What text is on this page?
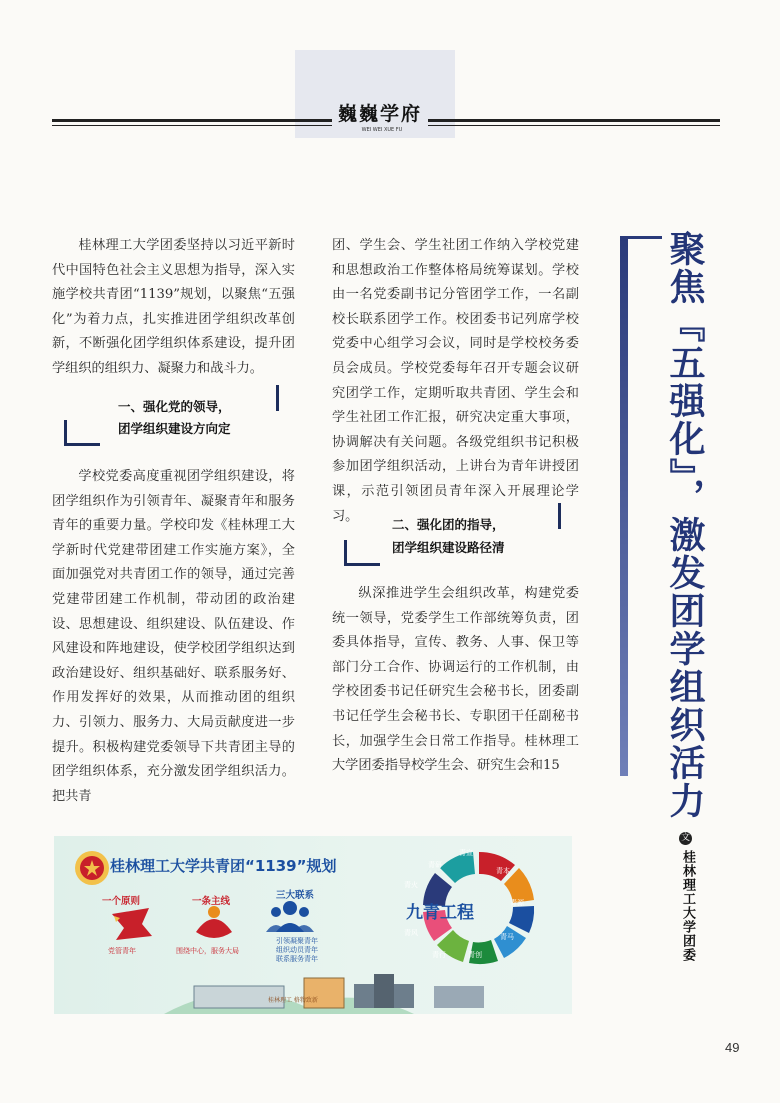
巍巍学府
WEI WEI XUE FU

桂林理工大学团委坚持以习近平新时代中国特色社会主义思想为指导，深入实施学校共青团“1139”规划，以聚焦“五强化”为着力点，扎实推进团学组织改革创新，不断强化团学组织体系建设，提升团学组织的组织力、凝聚力和战斗力。

一、强化党的领导，
团学组织建设方向定

学校党委高度重视团学组织建设，将团学组织作为引领青年、凝聚青年和服务青年的重要力量。学校印发《桂林理工大学新时代党建带团建工作实施方案》，全面加强党对共青团工作的领导，通过完善党建带团建工作机制，带动团的政治建设、思想建设、组织建设、队伍建设、作风建设和阵地建设，使学校团学组织达到政治建设好、组织基础好、联系服务好、作用发挥好的效果，从而推动团的组织力、引领力、服务力、大局贡献度进一步提升。积极构建党委领导下共青团主导的团学组织体系，充分激发团学组织活力。把共青

团、学生会、学生社团工作纳入学校党建和思想政治工作整体格局统筹谋划。学校由一名党委副书记分管团学工作，一名副校长联系团学工作。校团委书记列席学校党委中心组学习会议，同时是学校校务委员会成员。学校党委每年召开专题会议研究团学工作，定期听取共青团、学生会和学生社团工作汇报，研究决定重大事项，协调解决有关问题。各级党组织书记积极参加团学组织活动，上讲台为青年讲授团课，示范引领团员青年深入开展理论学习。

二、强化团的指导，
团学组织建设路径清

纵深推进学生会组织改革，构建党委统一领导，党委学生工作部统筹负责，团委具体指导，宣传、教务、人事、保卫等部门分工合作、协调运行的工作机制，由学校团委书记任研究生会秘书长，团委副书记任学生会秘书长、专职团干任副秘书长，加强学生会日常工作指导。桂林理工大学团委指导校学生会、研究生会和15	聚焦『五强化』，激发团学组织活力
文
桂林理工大学团委
桂林理工大学共青团“1139”规划
一个原则
党管青年
一条主线
围绕中心，服务大局
三大联系
引领凝聚青年
组织动员青年
联系服务青年
九青工程
青研
青宣
青本
青源
青马
青创
青行
青风
青火
桂林理工 格物致新
49
